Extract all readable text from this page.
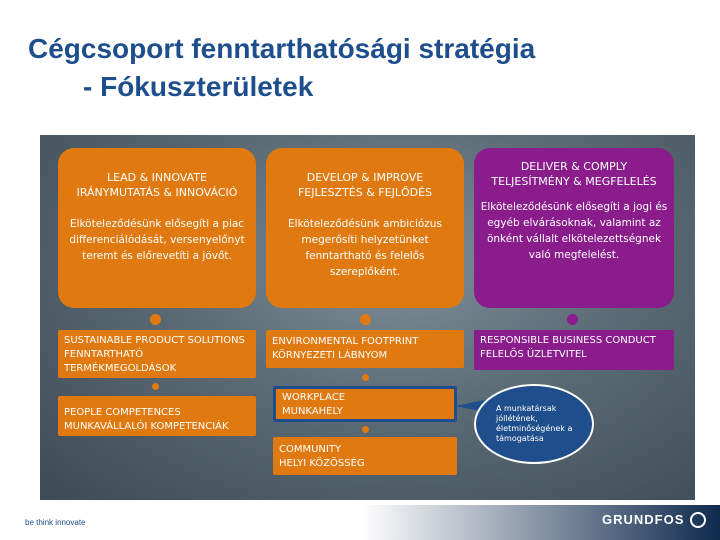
Cégcsoport fenntarthatósági stratégia
- Fókuszterületek
LEAD & INNOVATE
IRÁNYMUTATÁS & INNOVÁCIÓ
Elköteleződésünk elősegíti a piac differenciálódását, versenyelőnyt teremt és előrevetíti a jövőt.
DEVELOP & IMPROVE
FEJLESZTÉS & FEJLŐDÉS
Elköteleződésünk ambiciózus megerősíti helyzetünket fenntartható és felelős szereplőként.
DELIVER & COMPLY
TELJESÍTMÉNY & MEGFELELÉS
Elköteleződésünk elősegíti a jogi és egyéb elvárásoknak, valamint az önként vállalt elkötelezettségnek való megfelelést.
SUSTAINABLE PRODUCT SOLUTIONS
FENNTARTHATÓ TERMÉKMEGOLDÁSOK
PEOPLE COMPETENCES
MUNKAVÁLLALÓI KOMPETENCIÁK
ENVIRONMENTAL FOOTPRINT
KÖRNYEZETI LÁBNYOM
WORKPLACE
MUNKAHELY
COMMUNITY
HELYI KÖZÖSSÉG
RESPONSIBLE BUSINESS CONDUCT
FELELŐS ÜZLETVITEL
A munkatársak jóllétének, életminőségének a támogatása
be think innovate	GRUNDFOS
